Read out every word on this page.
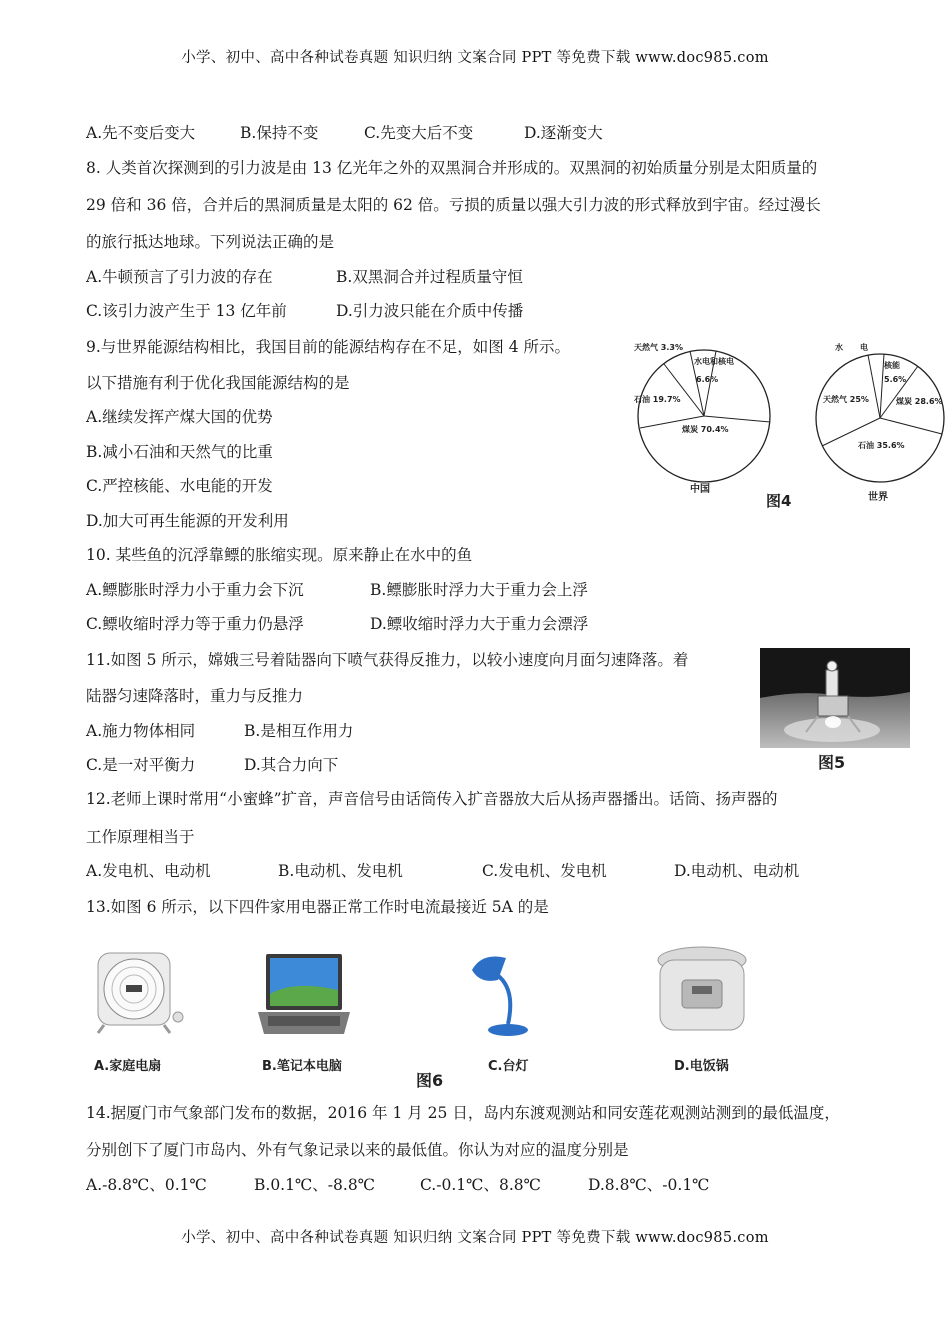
小学、初中、高中各种试卷真题 知识归纳 文案合同 PPT 等免费下载 www.doc985.com
A.先不变后变大	B.保持不变	C.先变大后不变	D.逐渐变大
8. 人类首次探测到的引力波是由 13 亿光年之外的双黑洞合并形成的。双黑洞的初始质量分别是太阳质量的
29 倍和 36 倍，合并后的黑洞质量是太阳的 62 倍。亏损的质量以强大引力波的形式释放到宇宙。经过漫长
的旅行抵达地球。下列说法正确的是
A.牛顿预言了引力波的存在	B.双黑洞合并过程质量守恒
C.该引力波产生于 13 亿年前	D.引力波只能在介质中传播
9.与世界能源结构相比，我国目前的能源结构存在不足，如图 4 所示。
以下措施有利于优化我国能源结构的是
A.继续发挥产煤大国的优势
B.减小石油和天然气的比重
C.严控核能、水电能的开发
D.加大可再生能源的开发利用
天然气 3.3%
水电和核电
6.6%
石油 19.7%
煤炭 70.4%
中国
图4
水 电
核能
5.6%
天然气 25%	煤炭 28.6%
石油 35.6%
世界
10. 某些鱼的沉浮靠鳔的胀缩实现。原来静止在水中的鱼
A.鳔膨胀时浮力小于重力会下沉	B.鳔膨胀时浮力大于重力会上浮
C.鳔收缩时浮力等于重力仍悬浮	D.鳔收缩时浮力大于重力会漂浮
11.如图 5 所示，嫦娥三号着陆器向下喷气获得反推力，以较小速度向月面匀速降落。着
陆器匀速降落时，重力与反推力
A.施力物体相同	B.是相互作用力
C.是一对平衡力	D.其合力向下	图5
12.老师上课时常用“小蜜蜂”扩音，声音信号由话筒传入扩音器放大后从扬声器播出。话筒、扬声器的
工作原理相当于
A.发电机、电动机	B.电动机、发电机	C.发电机、发电机	D.电动机、电动机
13.如图 6 所示，以下四件家用电器正常工作时电流最接近 5A 的是
A.家庭电扇	B.笔记本电脑	C.台灯	D.电饭锅
图6
14.据厦门市气象部门发布的数据，2016 年 1 月 25 日，岛内东渡观测站和同安莲花观测站测到的最低温度，
分别创下了厦门市岛内、外有气象记录以来的最低值。你认为对应的温度分别是
A.-8.8℃、0.1℃	B.0.1℃、-8.8℃	C.-0.1℃、8.8℃	D.8.8℃、-0.1℃
小学、初中、高中各种试卷真题 知识归纳 文案合同 PPT 等免费下载 www.doc985.com
